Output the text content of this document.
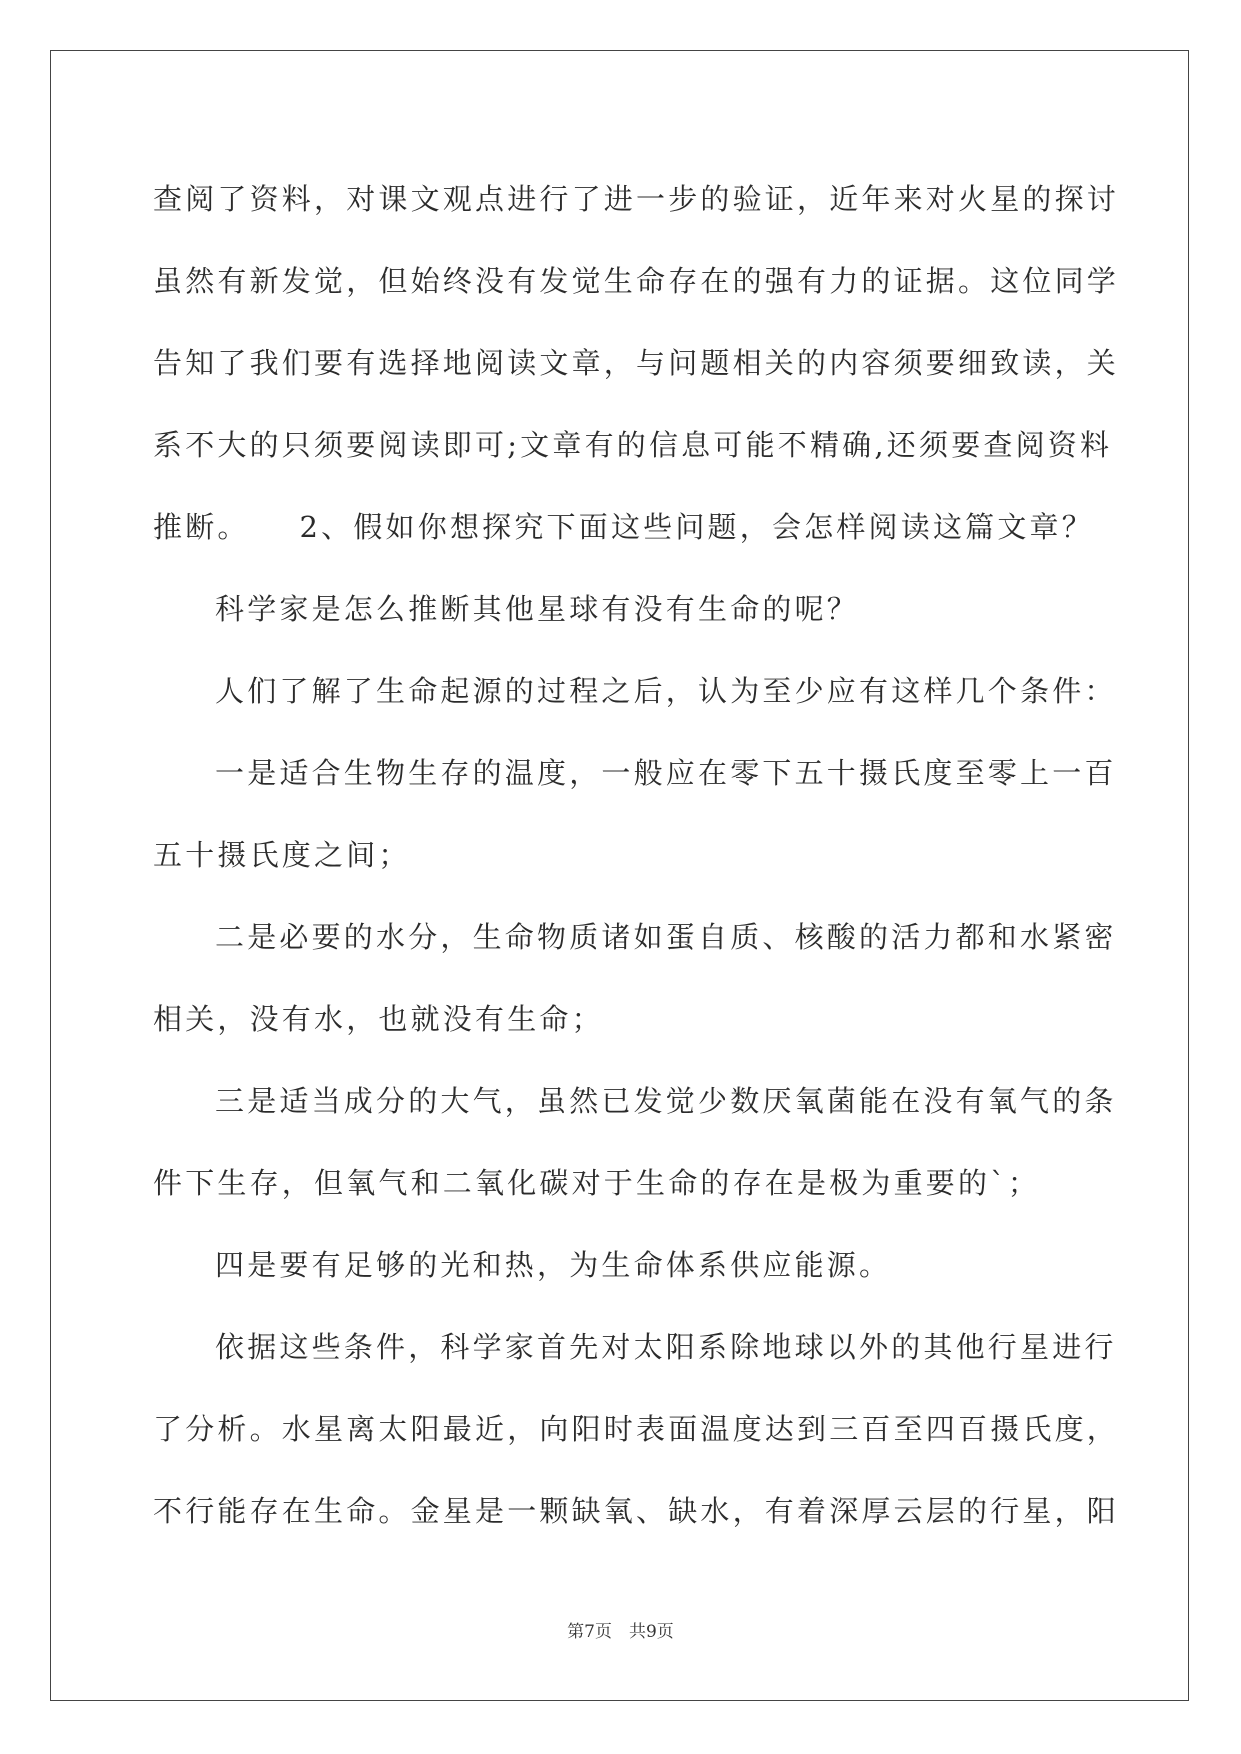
查阅了资料，对课文观点进行了进一步的验证，近年来对火星的探讨
虽然有新发觉，但始终没有发觉生命存在的强有力的证据。这位同学
告知了我们要有选择地阅读文章，与问题相关的内容须要细致读，关
系不大的只须要阅读即可;文章有的信息可能不精确,还须要查阅资料
推断。　　2、假如你想探究下面这些问题，会怎样阅读这篇文章？
科学家是怎么推断其他星球有没有生命的呢？
人们了解了生命起源的过程之后，认为至少应有这样几个条件：
一是适合生物生存的温度，一般应在零下五十摄氏度至零上一百
五十摄氏度之间；
二是必要的水分，生命物质诸如蛋自质、核酸的活力都和水紧密
相关，没有水，也就没有生命；
三是适当成分的大气，虽然已发觉少数厌氧菌能在没有氧气的条
件下生存，但氧气和二氧化碳对于生命的存在是极为重要的`；
四是要有足够的光和热，为生命体系供应能源。
依据这些条件，科学家首先对太阳系除地球以外的其他行星进行
了分析。水星离太阳最近，向阳时表面温度达到三百至四百摄氏度，
不行能存在生命。金星是一颗缺氧、缺水，有着深厚云层的行星，阳
第7页　共9页
